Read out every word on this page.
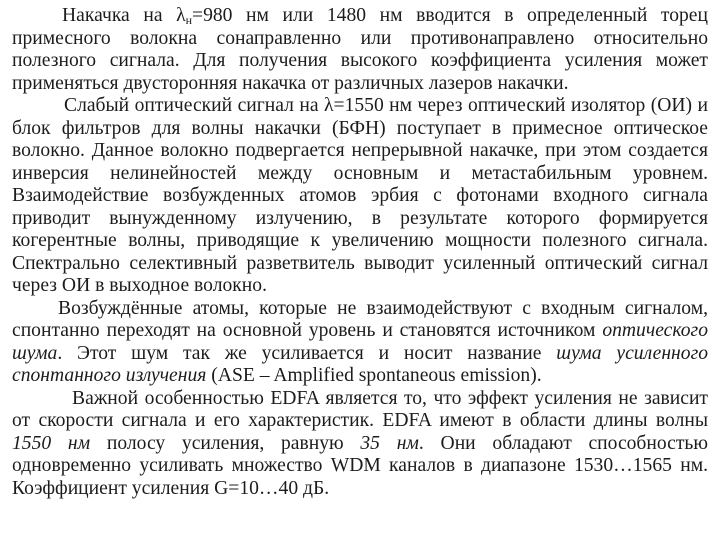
Накачка на $\lambda_н=980$ нм или 1480 нм вводится в определенный торец примесного волокна сонаправленно или противонаправлено относительно полезного сигнала. Для получения высокого коэффициента усиления может применяться двусторонняя накачка от различных лазеров накачки.

Слабый оптический сигнал на λ=1550 нм через оптический изолятор (ОИ) и блок фильтров для волны накачки (БФН) поступает в примесное оптическое волокно. Данное волокно подвергается непрерывной накачке, при этом создается инверсия нелинейностей между основным и метастабильным уровнем. Взаимодействие возбужденных атомов эрбия с фотонами входного сигнала приводит вынужденному излучению, в результате которого формируется когерентные волны, приводящие к увеличению мощности полезного сигнала. Спектрально селективный разветвитель выводит усиленный оптический сигнал через ОИ в выходное волокно.

Возбуждённые атомы, которые не взаимодействуют с входным сигналом, спонтанно переходят на основной уровень и становятся источником оптического шума. Этот шум так же усиливается и носит название шума усиленного спонтанного излучения (ASE – Amplified spontaneous emission).

Важной особенностью EDFA является то, что эффект усиления не зависит от скорости сигнала и его характеристик. EDFA имеют в области длины волны 1550 нм полосу усиления, равную 35 нм. Они обладают способностью одновременно усиливать множество WDM каналов в диапазоне 1530…1565 нм. Коэффициент усиления G=10…40 дБ.
